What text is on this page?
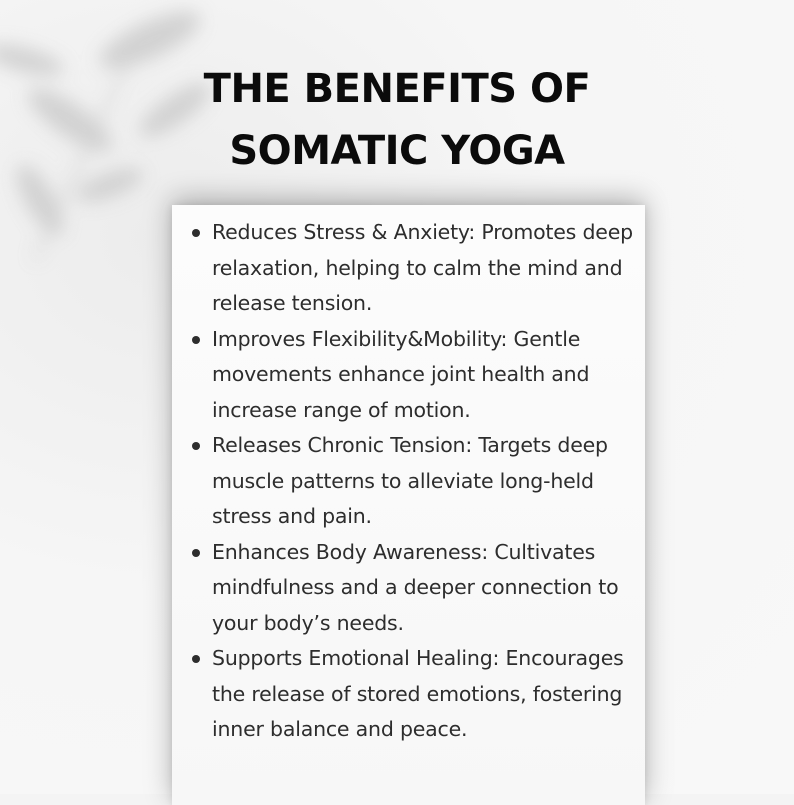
THE BENEFITS OF
SOMATIC YOGA
Reduces Stress & Anxiety: Promotes deep relaxation, helping to calm the mind and release tension.
Improves Flexibility&Mobility: Gentle movements enhance joint health and increase range of motion.
Releases Chronic Tension: Targets deep muscle patterns to alleviate long-held stress and pain.
Enhances Body Awareness: Cultivates mindfulness and a deeper connection to your body’s needs.
Supports Emotional Healing: Encourages the release of stored emotions, fostering inner balance and peace.
